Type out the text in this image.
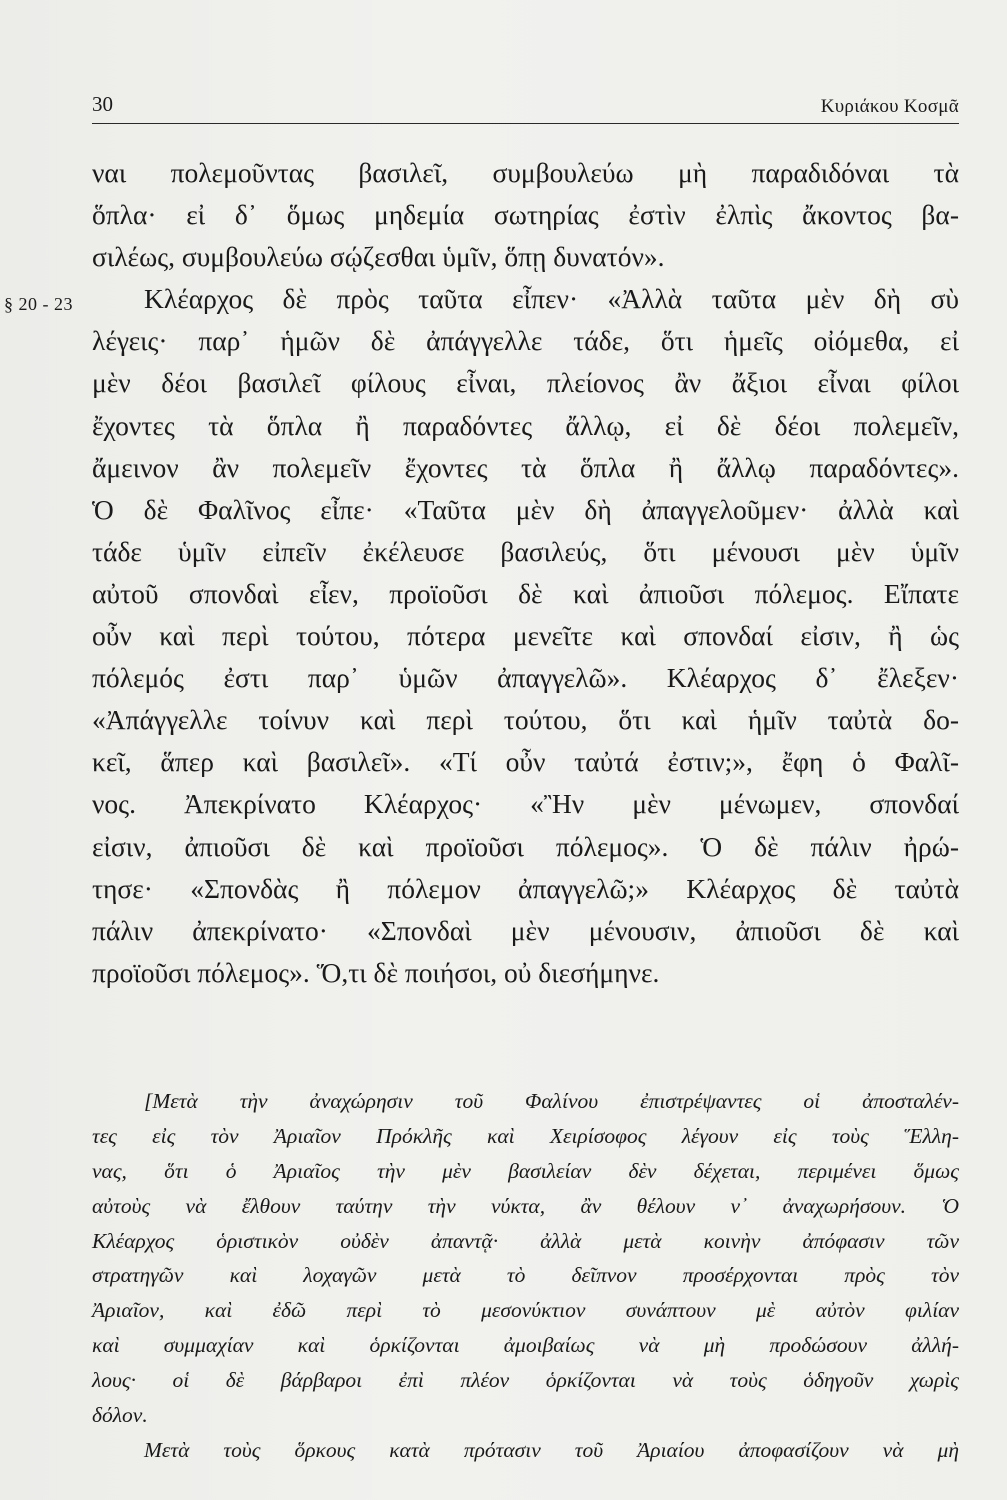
30	Κυριάκου Κοσμᾶ
§ 20 - 23
ναι πολεμοῦντας βασιλεῖ, συμβουλεύω μὴ παραδιδόναι τὰ
ὅπλα· εἰ δ᾽ ὅμως μηδεμία σωτηρίας ἐστὶν ἐλπὶς ἄκοντος βα-
σιλέως, συμβουλεύω σῴζεσθαι ὑμῖν, ὅπῃ δυνατόν».
Κλέαρχος δὲ πρὸς ταῦτα εἶπεν· «Ἀλλὰ ταῦτα μὲν δὴ σὺ
λέγεις· παρ᾽ ἡμῶν δὲ ἀπάγγελλε τάδε, ὅτι ἡμεῖς οἰόμεθα, εἰ
μὲν δέοι βασιλεῖ φίλους εἶναι, πλείονος ἂν ἄξιοι εἶναι φίλοι
ἔχοντες τὰ ὅπλα ἢ παραδόντες ἄλλῳ, εἰ δὲ δέοι πολεμεῖν,
ἄμεινον ἂν πολεμεῖν ἔχοντες τὰ ὅπλα ἢ ἄλλῳ παραδόντες».
Ὁ δὲ Φαλῖνος εἶπε· «Ταῦτα μὲν δὴ ἀπαγγελοῦμεν· ἀλλὰ καὶ
τάδε ὑμῖν εἰπεῖν ἐκέλευσε βασιλεύς, ὅτι μένουσι μὲν ὑμῖν
αὐτοῦ σπονδαὶ εἶεν, προϊοῦσι δὲ καὶ ἀπιοῦσι πόλεμος. Εἴπατε
οὖν καὶ περὶ τούτου, πότερα μενεῖτε καὶ σπονδαί εἰσιν, ἢ ὡς
πόλεμός ἐστι παρ᾽ ὑμῶν ἀπαγγελῶ». Κλέαρχος δ᾽ ἔλεξεν·
«Ἀπάγγελλε τοίνυν καὶ περὶ τούτου, ὅτι καὶ ἡμῖν ταὐτὰ δο-
κεῖ, ἅπερ καὶ βασιλεῖ». «Τί οὖν ταὐτά ἐστιν;», ἔφη ὁ Φαλῖ-
νος. Ἀπεκρίνατο Κλέαρχος· «Ἢν μὲν μένωμεν, σπονδαί
εἰσιν, ἀπιοῦσι δὲ καὶ προϊοῦσι πόλεμος». Ὁ δὲ πάλιν ἠρώ-
τησε· «Σπονδὰς ἢ πόλεμον ἀπαγγελῶ;» Κλέαρχος δὲ ταὐτὰ
πάλιν ἀπεκρίνατο· «Σπονδαὶ μὲν μένουσιν, ἀπιοῦσι δὲ καὶ
προϊοῦσι πόλεμος». Ὅ,τι δὲ ποιήσοι, οὐ διεσήμηνε.
[Μετὰ τὴν ἀναχώρησιν τοῦ Φαλίνου ἐπιστρέψαντες οἱ ἀποσταλέν-
τες εἰς τὸν Ἀριαῖον Πρόκλῆς καὶ Χειρίσοφος λέγουν εἰς τοὺς Ἕλλη-
νας, ὅτι ὁ Ἀριαῖος τὴν μὲν βασιλείαν δὲν δέχεται, περιμένει ὅμως
αὐτοὺς νὰ ἔλθουν ταύτην τὴν νύκτα, ἂν θέλουν ν᾽ ἀναχωρήσουν. Ὁ
Κλέαρχος ὁριστικὸν οὐδὲν ἀπαντᾷ· ἀλλὰ μετὰ κοινὴν ἀπόφασιν τῶν
στρατηγῶν καὶ λοχαγῶν μετὰ τὸ δεῖπνον προσέρχονται πρὸς τὸν
Ἀριαῖον, καὶ ἐδῶ περὶ τὸ μεσονύκτιον συνάπτουν μὲ αὐτὸν φιλίαν
καὶ συμμαχίαν καὶ ὁρκίζονται ἀμοιβαίως νὰ μὴ προδώσουν ἀλλή-
λους· οἱ δὲ βάρβαροι ἐπὶ πλέον ὁρκίζονται νὰ τοὺς ὁδηγοῦν χωρὶς
δόλον.
Μετὰ τοὺς ὅρκους κατὰ πρότασιν τοῦ Ἀριαίου ἀποφασίζουν νὰ μὴ
